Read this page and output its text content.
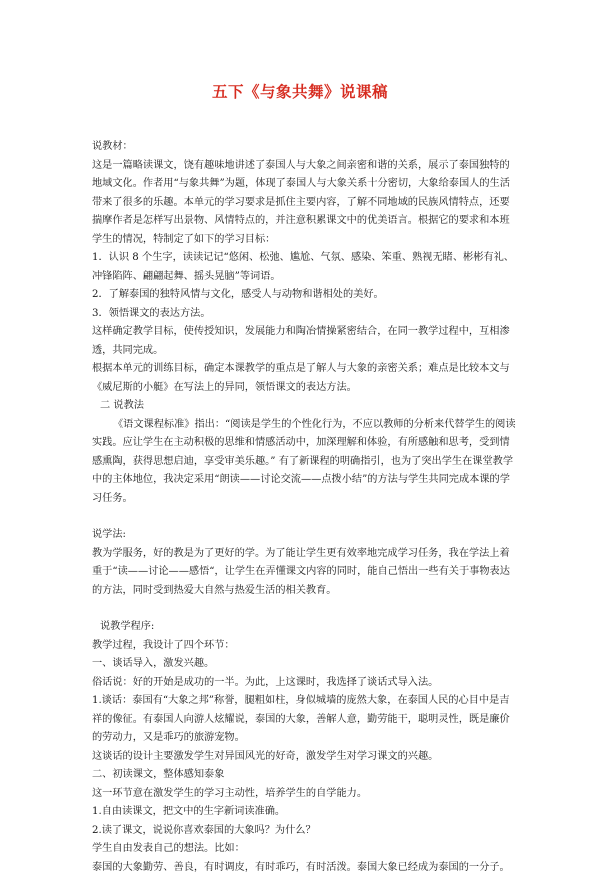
五下《与象共舞》说课稿

说教材：

这是一篇略读课文，饶有趣味地讲述了泰国人与大象之间亲密和谐的关系，展示了泰国独特的地域文化。作者用“与象共舞”为题，体现了泰国人与大象关系十分密切，大象给泰国人的生活带来了很多的乐趣。本单元的学习要求是抓住主要内容，了解不同地域的民族风情特点，还要揣摩作者是怎样写出景物、风情特点的，并注意积累课文中的优美语言。根据它的要求和本班学生的情况，特制定了如下的学习目标：

1．认识 8 个生字，读读记记“悠闲、松弛、尴尬、气氛、感染、笨重、熟视无睹、彬彬有礼、冲锋陷阵、翩翩起舞、摇头晃脑”等词语。

2．了解泰国的独特风情与文化，感受人与动物和谐相处的美好。

3．领悟课文的表达方法。

这样确定教学目标，使传授知识，发展能力和陶冶情操紧密结合，在同一教学过程中，互相渗透，共同完成。

根据本单元的训练目标，确定本课教学的重点是了解人与大象的亲密关系；难点是比较本文与《威尼斯的小艇》在写法上的异同，领悟课文的表达方法。

二 说教法

《语文课程标准》指出：“阅读是学生的个性化行为，不应以教师的分析来代替学生的阅读实践。应让学生在主动积极的思维和情感活动中，加深理解和体验，有所感触和思考，受到情感熏陶，获得思想启迪，享受审美乐趣。” 有了新课程的明确指引，也为了突出学生在课堂教学中的主体地位，我决定采用“朗读——讨论交流——点拨小结”的方法与学生共同完成本课的学习任务。

说学法:

教为学服务，好的教是为了更好的学。为了能让学生更有效率地完成学习任务，我在学法上着重于“读——讨论——感悟“，让学生在弄懂课文内容的同时，能自己悟出一些有关于事物表达的方法，同时受到热爱大自然与热爱生活的相关教育。

说教学程序:

教学过程，我设计了四个环节：

一、谈话导入，激发兴趣。

俗话说：好的开始是成功的一半。为此，上这课时，我选择了谈话式导入法。

1.谈话：泰国有“大象之邦”称誉，腿粗如柱，身似城墙的庞然大象，在泰国人民的心目中是吉祥的像征。有泰国人向游人炫耀说，泰国的大象，善解人意，勤劳能干，聪明灵性，既是廉价的劳动力，又是乖巧的旅游宠物。

这谈话的设计主要激发学生对异国风光的好奇，激发学生对学习课文的兴趣。

二、初读课文，整体感知泰象

这一环节意在激发学生的学习主动性，培养学生的自学能力。

1.自由读课文，把文中的生字新词读准确。

2.读了课文，说说你喜欢泰国的大象吗？为什么？

学生自由发表自己的想法。比如：

泰国的大象勤劳、善良，有时调皮，有时乖巧，有时活泼。泰国大象已经成为泰国的一分子。
